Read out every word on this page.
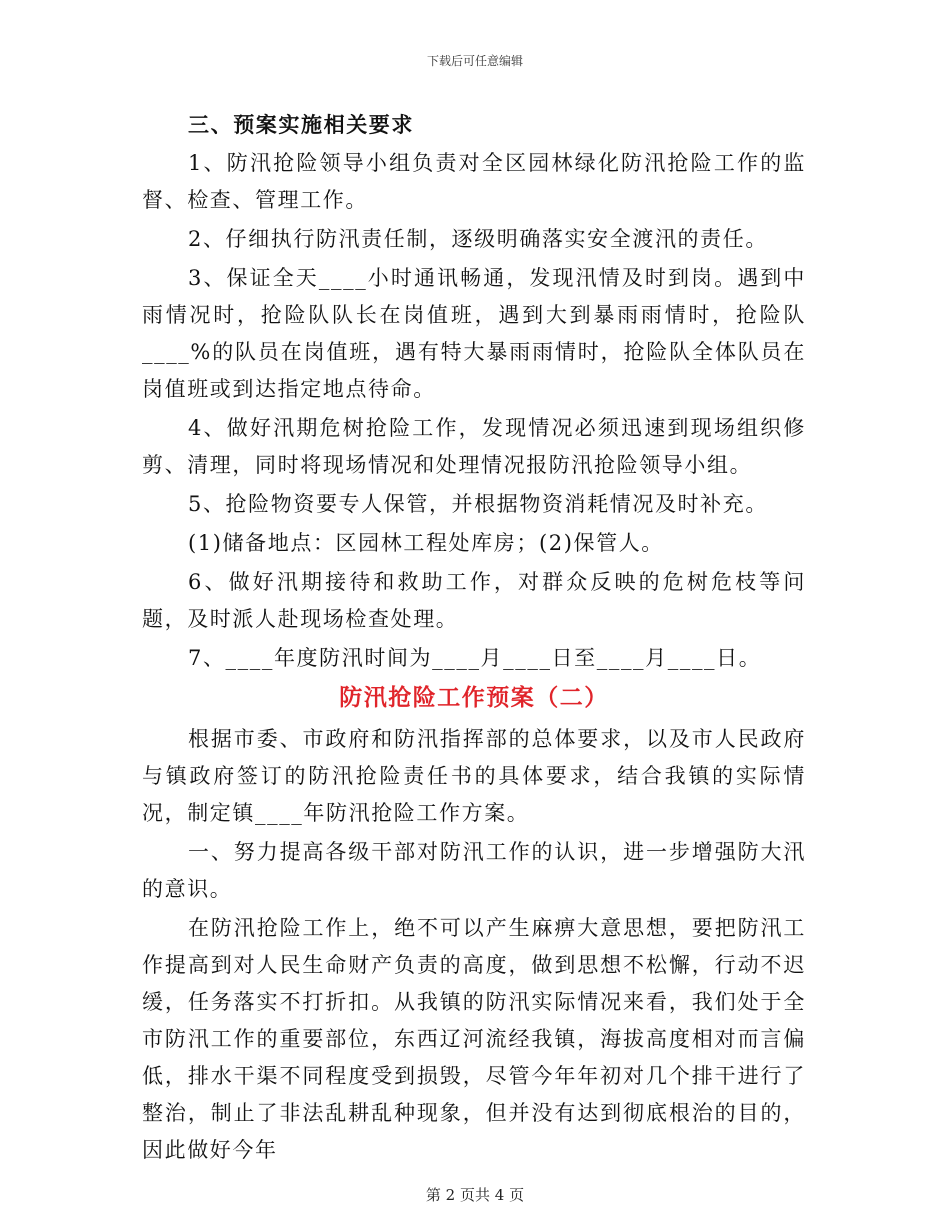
下载后可任意编辑

三、预案实施相关要求

1、防汛抢险领导小组负责对全区园林绿化防汛抢险工作的监督、检查、管理工作。

2、仔细执行防汛责任制，逐级明确落实安全渡汛的责任。

3、保证全天____小时通讯畅通，发现汛情及时到岗。遇到中雨情况时，抢险队队长在岗值班，遇到大到暴雨雨情时，抢险队____%的队员在岗值班，遇有特大暴雨雨情时，抢险队全体队员在岗值班或到达指定地点待命。

4、做好汛期危树抢险工作，发现情况必须迅速到现场组织修剪、清理，同时将现场情况和处理情况报防汛抢险领导小组。

5、抢险物资要专人保管，并根据物资消耗情况及时补充。

(1)储备地点：区园林工程处库房；(2)保管人。

6、做好汛期接待和救助工作，对群众反映的危树危枝等问题，及时派人赴现场检查处理。

7、____年度防汛时间为____月____日至____月____日。

防汛抢险工作预案（二）

根据市委、市政府和防汛指挥部的总体要求，以及市人民政府与镇政府签订的防汛抢险责任书的具体要求，结合我镇的实际情况，制定镇____年防汛抢险工作方案。

一、努力提高各级干部对防汛工作的认识，进一步增强防大汛的意识。

在防汛抢险工作上，绝不可以产生麻痹大意思想，要把防汛工作提高到对人民生命财产负责的高度，做到思想不松懈，行动不迟缓，任务落实不打折扣。从我镇的防汛实际情况来看，我们处于全市防汛工作的重要部位，东西辽河流经我镇，海拔高度相对而言偏低，排水干渠不同程度受到损毁，尽管今年年初对几个排干进行了整治，制止了非法乱耕乱种现象，但并没有达到彻底根治的目的，因此做好今年

第 2 页共 4 页
